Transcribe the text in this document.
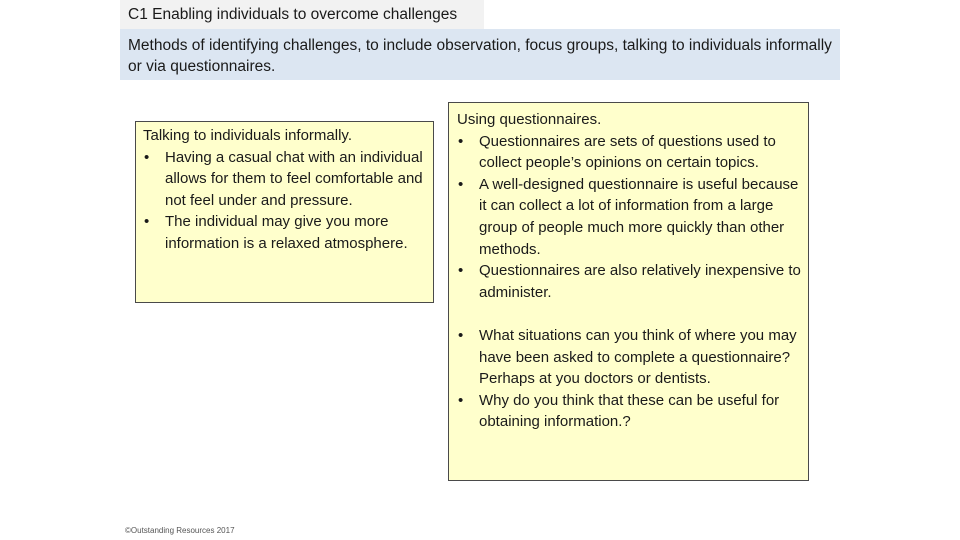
C1 Enabling individuals to overcome challenges
Methods of identifying challenges, to include observation, focus groups, talking to individuals informally or via questionnaires.

Talking to individuals informally.

• Having a casual chat with an individual allows for them to feel comfortable and not feel under and pressure.
• The individual may give you more information is a relaxed atmosphere.

Using questionnaires.

• Questionnaires are sets of questions used to collect people’s opinions on certain topics.
• A well-designed questionnaire is useful because it can collect a lot of information from a large group of people much more quickly than other methods.
• Questionnaires are also relatively inexpensive to administer.
• What situations can you think of where you may have been asked to complete a questionnaire? Perhaps at you doctors or dentists.
• Why do you think that these can be useful for obtaining information.?
©Outstanding Resources 2017
